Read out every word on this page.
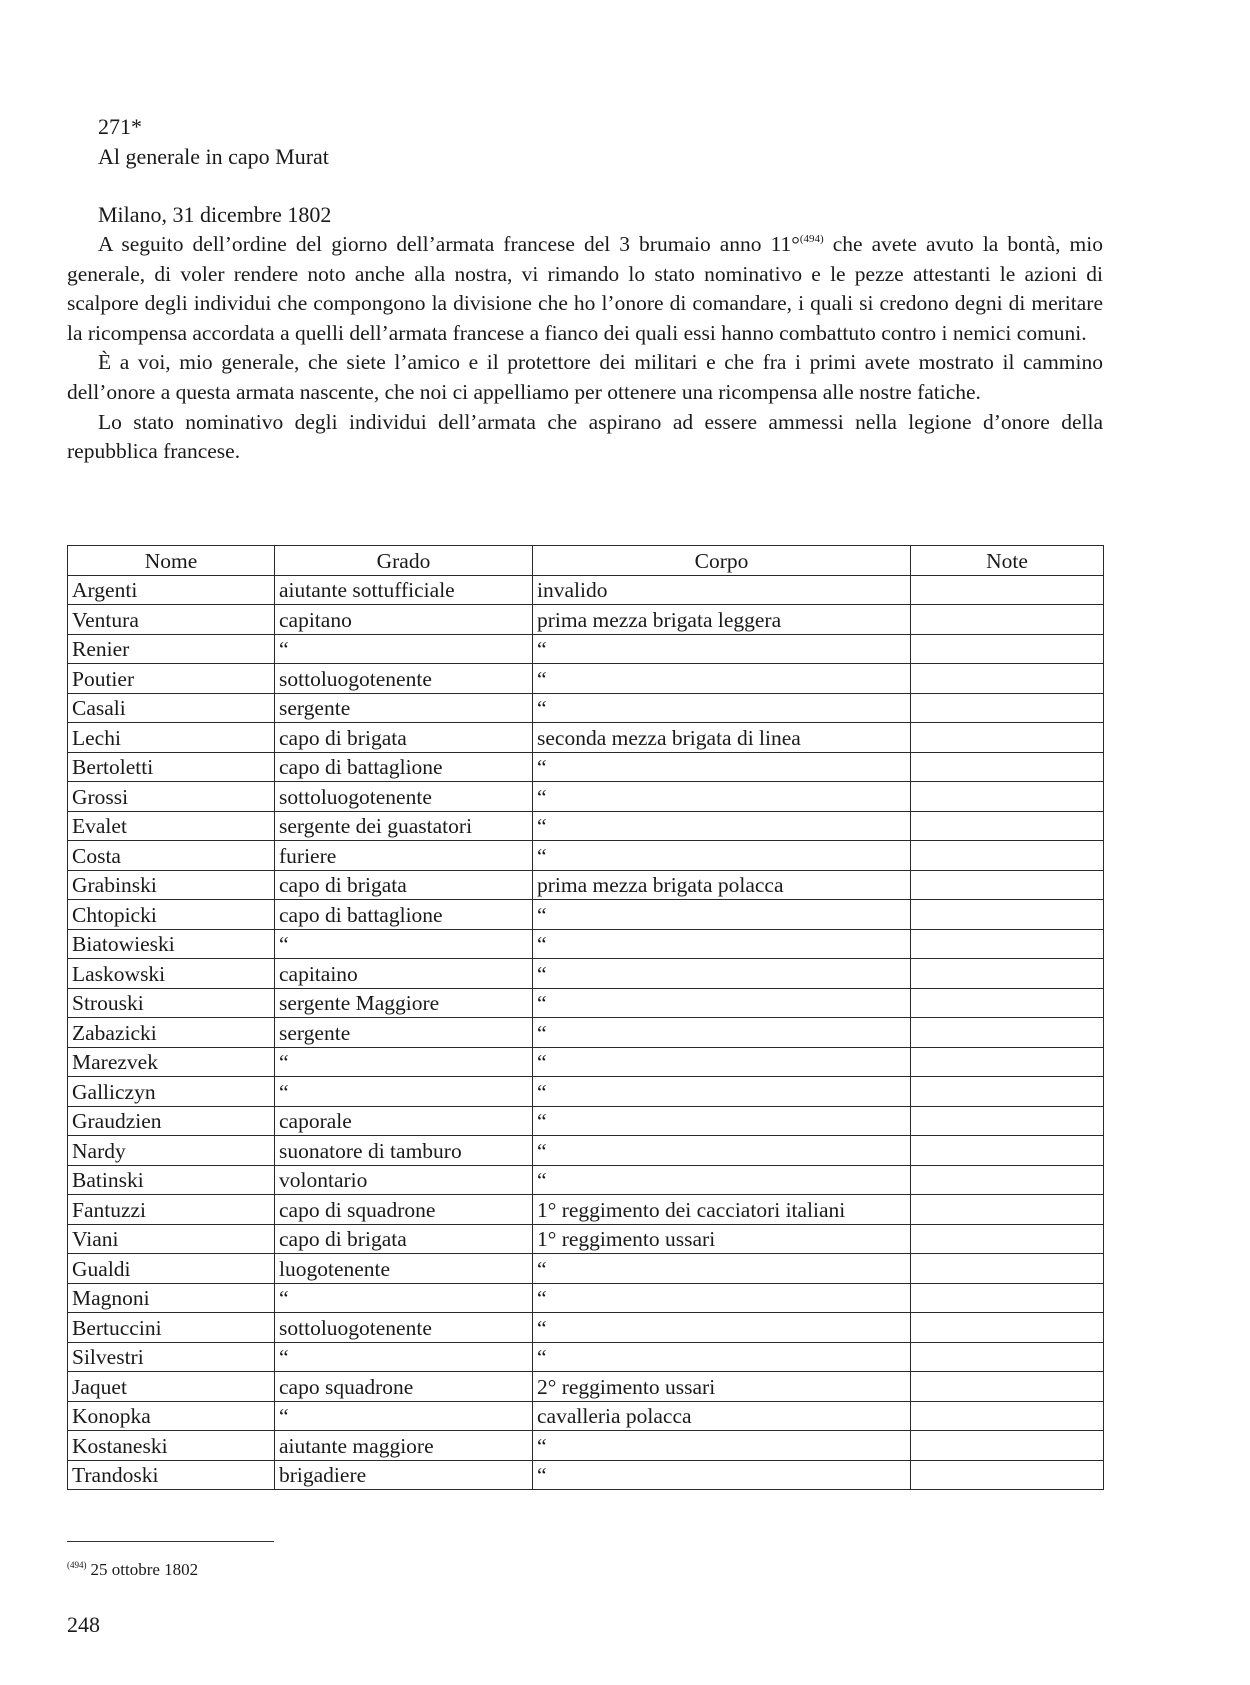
271*
Al generale in capo Murat
Milano, 31 dicembre 1802

A seguito dell’ordine del giorno dell’armata francese del 3 brumaio anno 11°$^{(494)}$ che avete avuto la bontà, mio generale, di voler rendere noto anche alla nostra, vi rimando lo stato nominativo e le pezze attestanti le azioni di scalpore degli individui che compongono la divisione che ho l’onore di comandare, i quali si credono degni di meritare la ricompensa accordata a quelli dell’armata francese a fianco dei quali essi hanno combattuto contro i nemici comuni.

È a voi, mio generale, che siete l’amico e il protettore dei militari e che fra i primi avete mostrato il cammino dell’onore a questa armata nascente, che noi ci appelliamo per ottenere una ricompensa alle nostre fatiche.

Lo stato nominativo degli individui dell’armata che aspirano ad essere ammessi nella legione d’onore della repubblica francese.

Nome	Grado	Corpo	Note
Argenti	aiutante sottufficiale	invalido	
Ventura	capitano	prima mezza brigata leggera	
Renier	“	“	
Poutier	sottoluogotenente	“	
Casali	sergente	“	
Lechi	capo di brigata	seconda mezza brigata di linea	
Bertoletti	capo di battaglione	“	
Grossi	sottoluogotenente	“	
Evalet	sergente dei guastatori	“	
Costa	furiere	“	
Grabinski	capo di brigata	prima mezza brigata polacca	
Chtopicki	capo di battaglione	“	
Biatowieski	“	“	
Laskowski	capitaino	“	
Strouski	sergente Maggiore	“	
Zabazicki	sergente	“	
Marezvek	“	“	
Galliczyn	“	“	
Graudzien	caporale	“	
Nardy	suonatore di tamburo	“	
Batinski	volontario	“	
Fantuzzi	capo di squadrone	1° reggimento dei cacciatori italiani	
Viani	capo di brigata	1° reggimento ussari	
Gualdi	luogotenente	“	
Magnoni	“	“	
Bertuccini	sottoluogotenente	“	
Silvestri	“	“	
Jaquet	capo squadrone	2° reggimento ussari	
Konopka	“	cavalleria polacca	
Kostaneski	aiutante maggiore	“	
Trandoski	brigadiere	“	
$^{(494)}$ 25 ottobre 1802
248
